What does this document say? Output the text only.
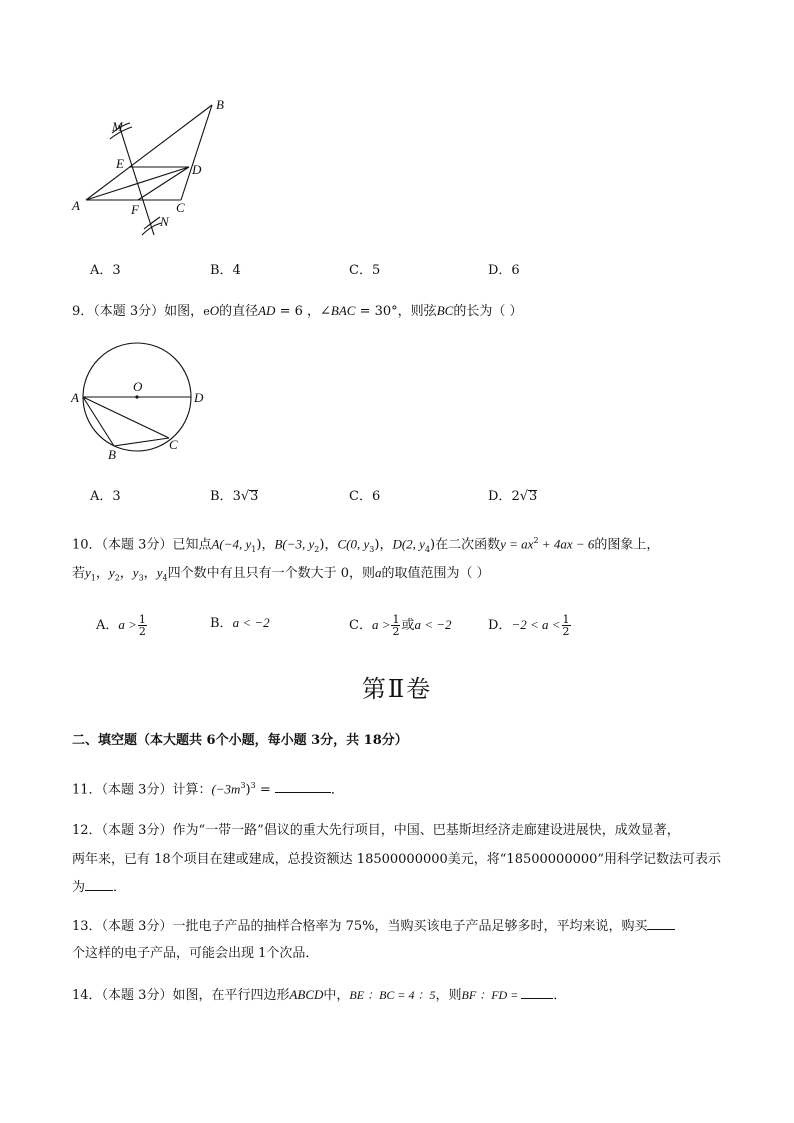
B
M
E	D
A	F	C
N
A．3	B．4	C．5	D．6
9．（本题 3分）如图，eO的直径AD = 6 ，∠BAC = 30°，则弦BC的长为（ ）
O
A	D
B
C
A．3	B．3√3	C．6	D．2√3
10．（本题 3分）已知点A(−4, $y_1$)，B(−3, $y_2$)，C(0, $y_3$)，D(2, $y_4$)在二次函数$y = ax^2 + 4ax - 6$的图象上，
若$y_1$，$y_2$，$y_3$，$y_4$四个数中有且只有一个数大于 0，则a的取值范围为（ ）
A．$a > \frac{1}{2}$	B．a < −2	C．$a > \frac{1}{2}$ 或a < −2	D．$-2 < a < \frac{1}{2}$
第Ⅱ卷
二、填空题（本大题共 6个小题，每小题 3分，共 18分）
11．（本题 3分）计算：$(-3m^3)^3$ =	．
12．（本题 3分）作为“一带一路”倡议的重大先行项目，中国、巴基斯坦经济走廊建设进展快，成效显著，
两年来，已有 18个项目在建或建成，总投资额达 18500000000美元，将“18500000000”用科学记数法可表示
为 ．
13．（本题 3分）一批电子产品的抽样合格率为 75%，当购买该电子产品足够多时，平均来说，购买
个这样的电子产品，可能会出现 1个次品．
14．（本题 3分）如图，在平行四边形ABCD中，BE ：BC = 4 ：5，则BF ：FD = ．
